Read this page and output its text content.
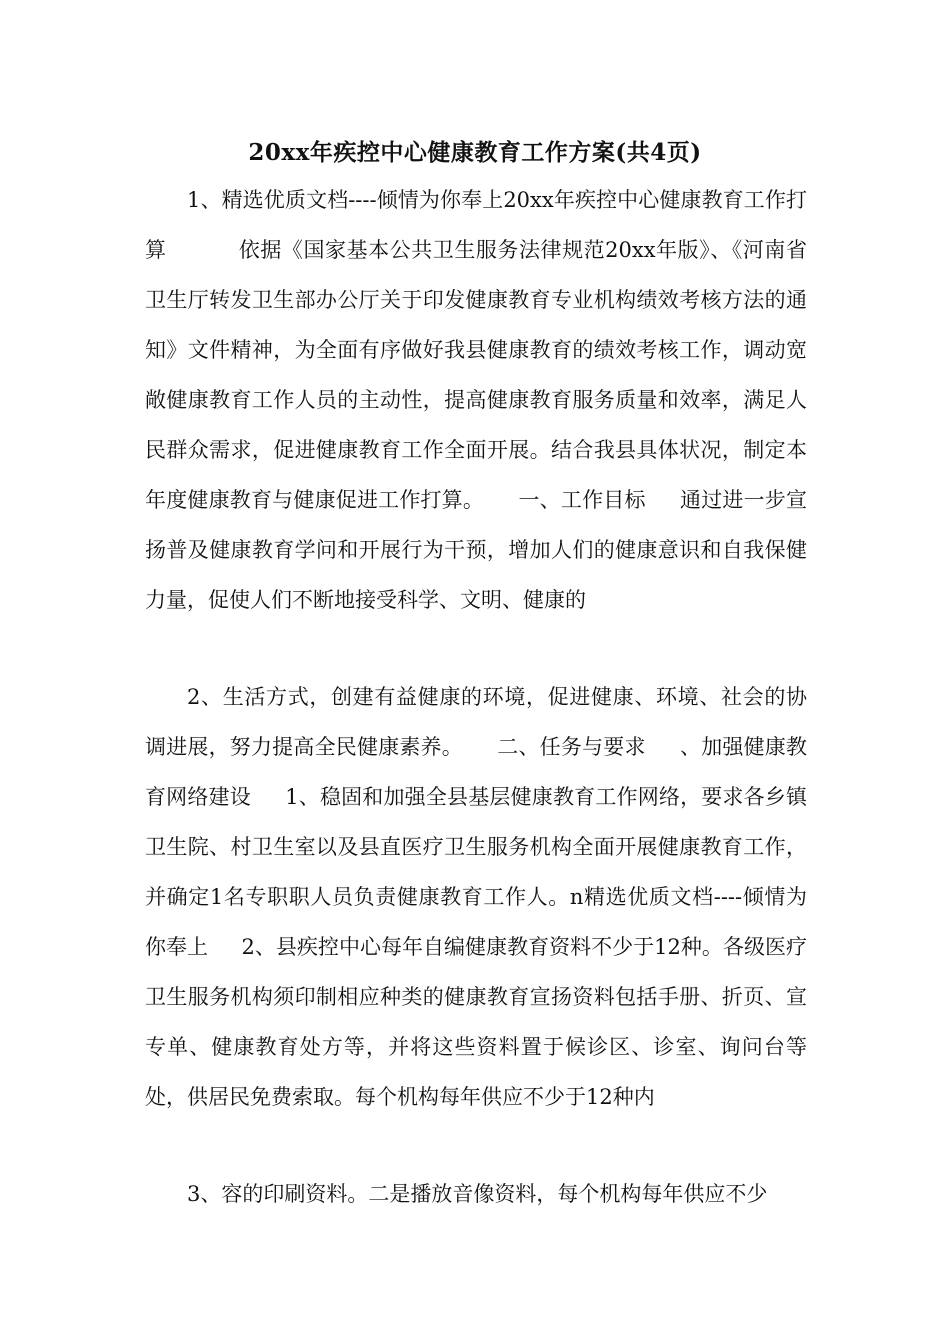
20xx年疾控中心健康教育工作方案(共4页)

1、精选优质文档----倾情为你奉上20xx年疾控中心健康教育工作打算          依据《国家基本公共卫生服务法律规范20xx年版》、《河南省卫生厅转发卫生部办公厅关于印发健康教育专业机构绩效考核方法的通知》文件精神，为全面有序做好我县健康教育的绩效考核工作，调动宽敞健康教育工作人员的主动性，提高健康教育服务质量和效率，满足人民群众需求，促进健康教育工作全面开展。结合我县具体状况，制定本年度健康教育与健康促进工作打算。     一、工作目标     通过进一步宣扬普及健康教育学问和开展行为干预，增加人们的健康意识和自我保健力量，促使人们不断地接受科学、文明、健康的

2、生活方式，创建有益健康的环境，促进健康、环境、社会的协调进展，努力提高全民健康素养。     二、任务与要求     、加强健康教育网络建设     1、稳固和加强全县基层健康教育工作网络，要求各乡镇卫生院、村卫生室以及县直医疗卫生服务机构全面开展健康教育工作，并确定1名专职职人员负责健康教育工作人。n精选优质文档----倾情为你奉上     2、县疾控中心每年自编健康教育资料不少于12种。各级医疗卫生服务机构须印制相应种类的健康教育宣扬资料包括手册、折页、宣专单、健康教育处方等，并将这些资料置于候诊区、诊室、询问台等处，供居民免费索取。每个机构每年供应不少于12种内

3、容的印刷资料。二是播放音像资料，每个机构每年供应不少
